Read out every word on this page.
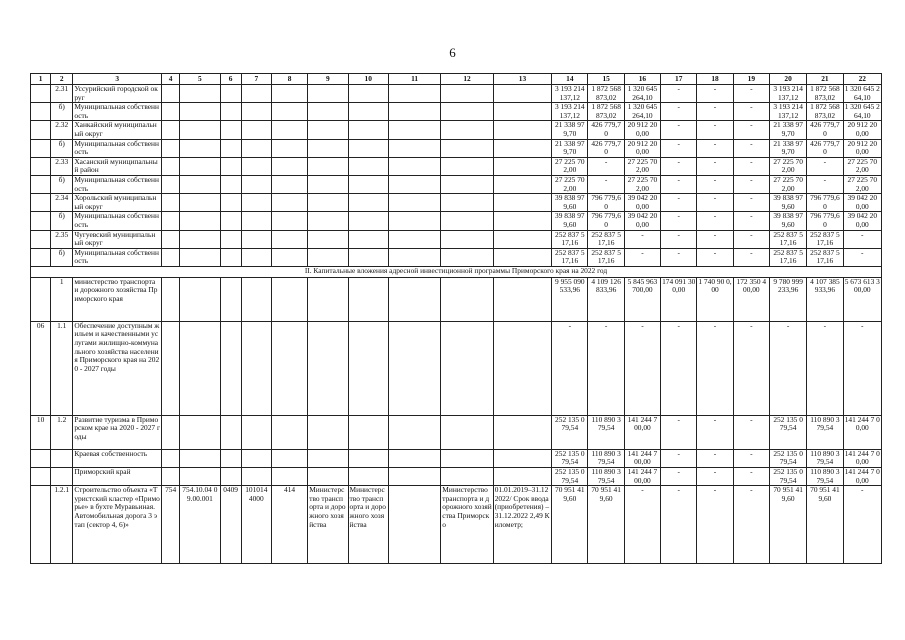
6
1	2	3	4	5	6	7	8	9	10	11	12	13	14	15	16	17	18	19	20	21	22
	2.31	Уссурийский городской округ											3 193 214 137,12	1 872 568 873,02	1 320 645 264,10	-	-	-	3 193 214 137,12	1 872 568 873,02	1 320 645 264,10
	б)	Муниципальная собственность											3 193 214 137,12	1 872 568 873,02	1 320 645 264,10	-	-	-	3 193 214 137,12	1 872 568 873,02	1 320 645 264,10
	2.32	Ханкайский муниципальный округ											21 338 97 9,70	426 779,7 0	20 912 20 0,00	-	-	-	21 338 97 9,70	426 779,7 0	20 912 20 0,00
	б)	Муниципальная собственность											21 338 97 9,70	426 779,7 0	20 912 20 0,00	-	-	-	21 338 97 9,70	426 779,7 0	20 912 20 0,00
	2.33	Хасанский муниципальный район											27 225 70 2,00	-	27 225 70 2,00	-	-	-	27 225 70 2,00	-	27 225 70 2,00
	б)	Муниципальная собственность											27 225 70 2,00	-	27 225 70 2,00	-	-	-	27 225 70 2,00	-	27 225 70 2,00
	2.34	Хорольский муниципальный округ											39 838 97 9,60	796 779,6 0	39 042 20 0,00	-	-	-	39 838 97 9,60	796 779,6 0	39 042 20 0,00
	б)	Муниципальная собственность											39 838 97 9,60	796 779,6 0	39 042 20 0,00	-	-	-	39 838 97 9,60	796 779,6 0	39 042 20 0,00
	2.35	Чугуевский муниципальный округ											252 837 5 17,16	252 837 5 17,16	-	-	-	-	252 837 5 17,16	252 837 5 17,16	-
	б)	Муниципальная собственность											252 837 5 17,16	252 837 5 17,16	-	-	-	-	252 837 5 17,16	252 837 5 17,16	-
II. Капитальные вложения адресной инвестиционной программы Приморского края на 2022 год																					
	1	министерство транспорта и дорожного хозяйства Приморского края											9 955 090 533,96	4 109 126 833,96	5 845 963 700,00	174 091 300,00	1 740 90 0,00	172 350 4 00,00	9 780 999 233,96	4 107 385 933,96	5 673 613 300,00
06	1.1	Обеспечение доступным жильем и качественными услугами жилищно-коммунального хозяйства населения Приморского края на 2020 - 2027 годы											-	-	-	-	-	-	-	-	-
10	1.2	Развитие туризма в Приморском крае на 2020 - 2027 годы											252 135 0 79,54	110 890 3 79,54	141 244 7 00,00	-	-	-	252 135 0 79,54	110 890 3 79,54	141 244 7 00,00
		Краевая собственность											252 135 0 79,54	110 890 3 79,54	141 244 7 00,00	-	-	-	252 135 0 79,54	110 890 3 79,54	141 244 7 00,00
		Приморский край											252 135 0 79,54	110 890 3 79,54	141 244 7 00,00	-	-	-	252 135 0 79,54	110 890 3 79,54	141 244 7 00,00
	1.2.1	Строительство объекта «Туристский кластер «Приморье» в бухте Муравьиная. Автомобильная дорога 3 этап (сектор 4, 6)»	754	754.10.04 09.00.001	0409	101014 4000	414	Министерство транспорта и дорожного хозяйства	Министерство транспорта и дорожного хозяйства		Министерство транспорта и дорожного хозяйства Приморско	01.01.2019–31.12 2022/ Срок ввода (приобретения) – 31.12.2022 2,49 Километр;	70 951 41 9,60	70 951 41 9,60	-	-	-	-	70 951 41 9,60	70 951 41 9,60	-
